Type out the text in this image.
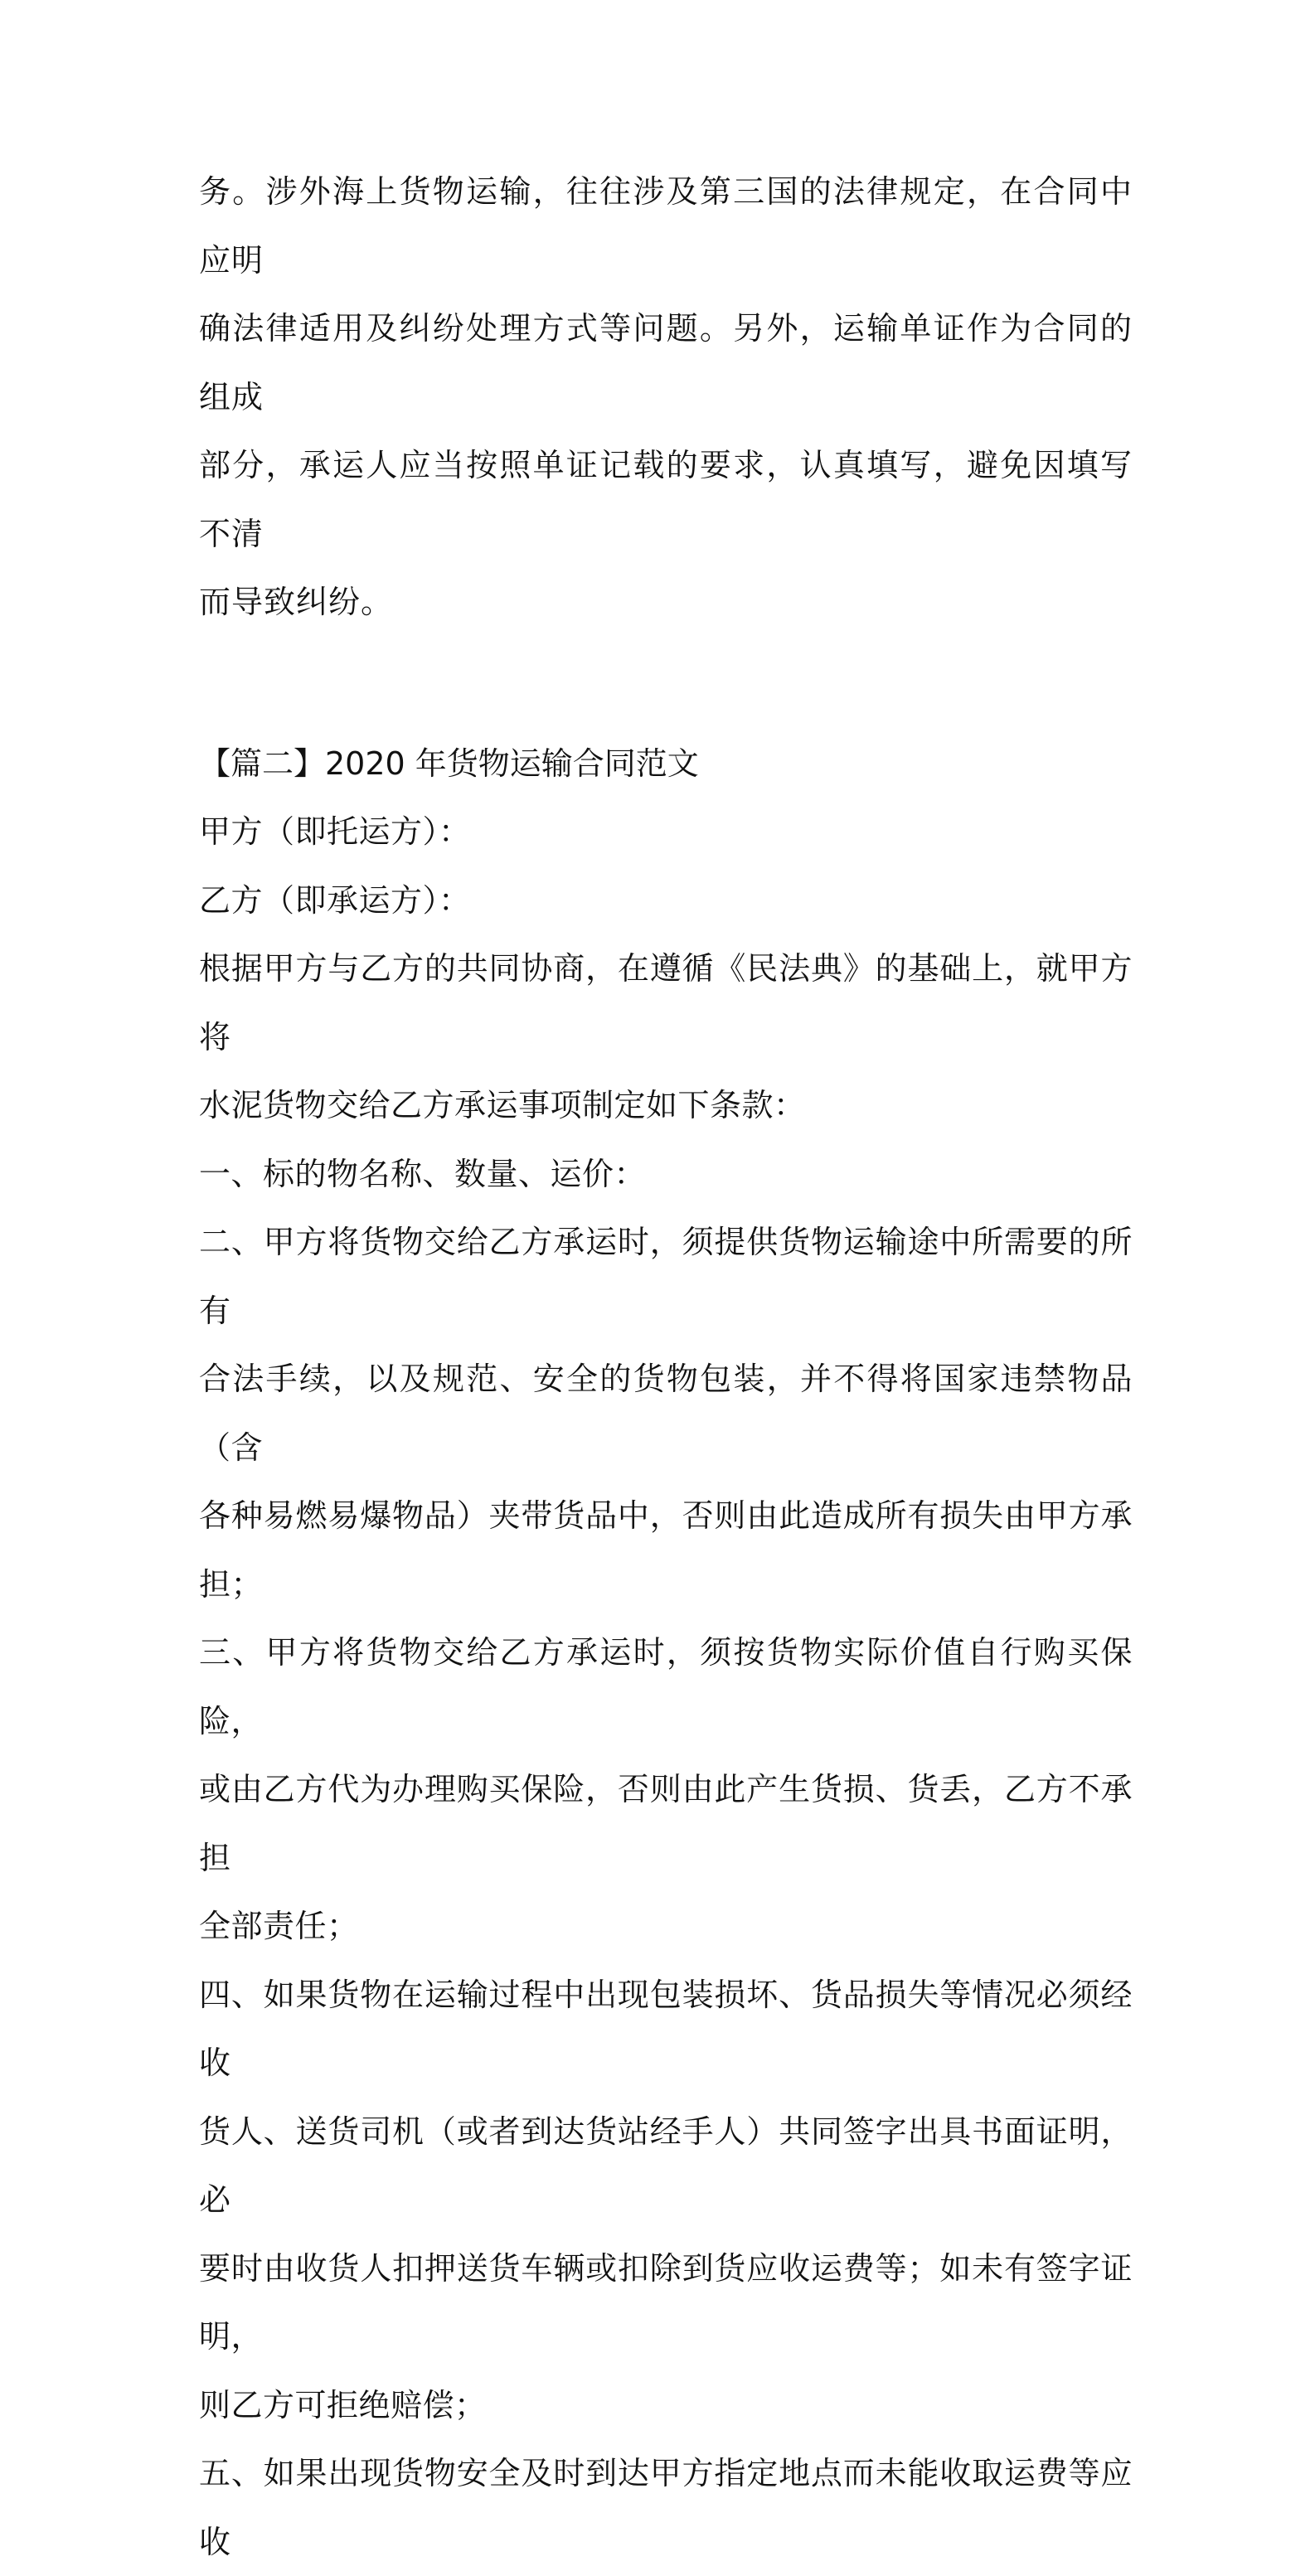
务。涉外海上货物运输，往往涉及第三国的法律规定，在合同中应明

确法律适用及纠纷处理方式等问题。另外，运输单证作为合同的组成

部分，承运人应当按照单证记载的要求，认真填写，避免因填写不清

而导致纠纷。

【篇二】2020 年货物运输合同范文

甲方（即托运方）：

乙方（即承运方）：

根据甲方与乙方的共同协商，在遵循《民法典》的基础上，就甲方将

水泥货物交给乙方承运事项制定如下条款：

一、标的物名称、数量、运价：

二、甲方将货物交给乙方承运时，须提供货物运输途中所需要的所有

合法手续，以及规范、安全的货物包装，并不得将国家违禁物品（含

各种易燃易爆物品）夹带货品中，否则由此造成所有损失由甲方承担；

三、甲方将货物交给乙方承运时，须按货物实际价值自行购买保险，

或由乙方代为办理购买保险，否则由此产生货损、货丢，乙方不承担

全部责任；

四、如果货物在运输过程中出现包装损坏、货品损失等情况必须经收

货人、送货司机（或者到达货站经手人）共同签字出具书面证明，必

要时由收货人扣押送货车辆或扣除到货应收运费等；如未有签字证明，

则乙方可拒绝赔偿；

五、如果出现货物安全及时到达甲方指定地点而未能收取运费等应收
